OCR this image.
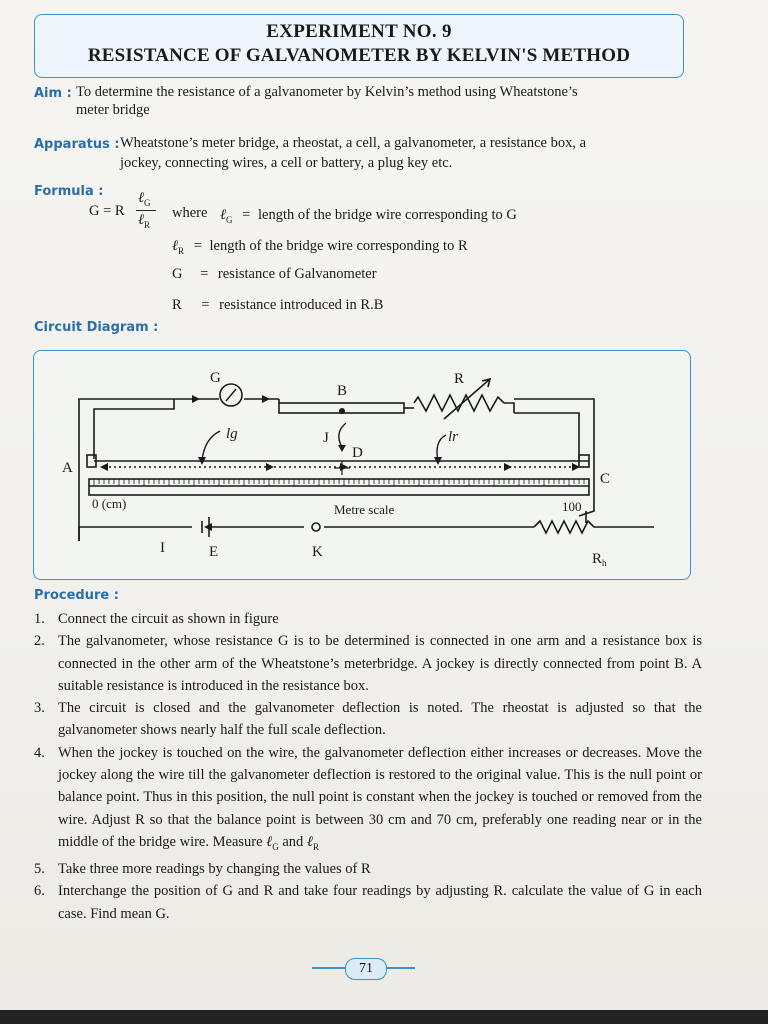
EXPERIMENT NO. 9
RESISTANCE OF GALVANOMETER BY KELVIN'S METHOD
Aim : To determine the resistance of a galvanometer by Kelvin’s method using Wheatstone’s
meter bridge
Apparatus : Wheatstone’s meter bridge, a rheostat, a cell, a galvanometer, a resistance box, a
jockey, connecting wires, a cell or battery, a plug key etc.
Formula :
G = R
ℓ$_G$
ℓ$_R$
where ℓ$_G$ = length of the bridge wire corresponding to G
ℓ$_R$ = length of the bridge wire corresponding to R
G = resistance of Galvanometer
R = resistance introduced in R.B
Circuit Diagram :
G
B
R
lg	J
D
lr
A
C
I	E	K	$R_h$
0 (cm)	Metre scale	100
Procedure :
1. Connect the circuit as shown in figure
2. The galvanometer, whose resistance G is to be determined is connected in one arm and a resistance box is connected in the other arm of the Wheatstone’s meterbridge. A jockey is directly connected from point B. A suitable resistance is introduced in the resistance box.
3. The circuit is closed and the galvanometer deflection is noted. The rheostat is adjusted so that the galvanometer shows nearly half the full scale deflection.
4. When the jockey is touched on the wire, the galvanometer deflection either increases or decreases. Move the jockey along the wire till the galvanometer deflection is restored to the original value. This is the null point or balance point. Thus in this position, the null point is constant when the jockey is touched or removed from the wire. Adjust R so that the balance point is between 30 cm and 70 cm, preferably one reading near or in the middle of the bridge wire. Measure ℓ$_G$ and ℓ$_R$
5. Take three more readings by changing the values of R
6. Interchange the position of G and R and take four readings by adjusting R. calculate the value of G in each case. Find mean G.
71
